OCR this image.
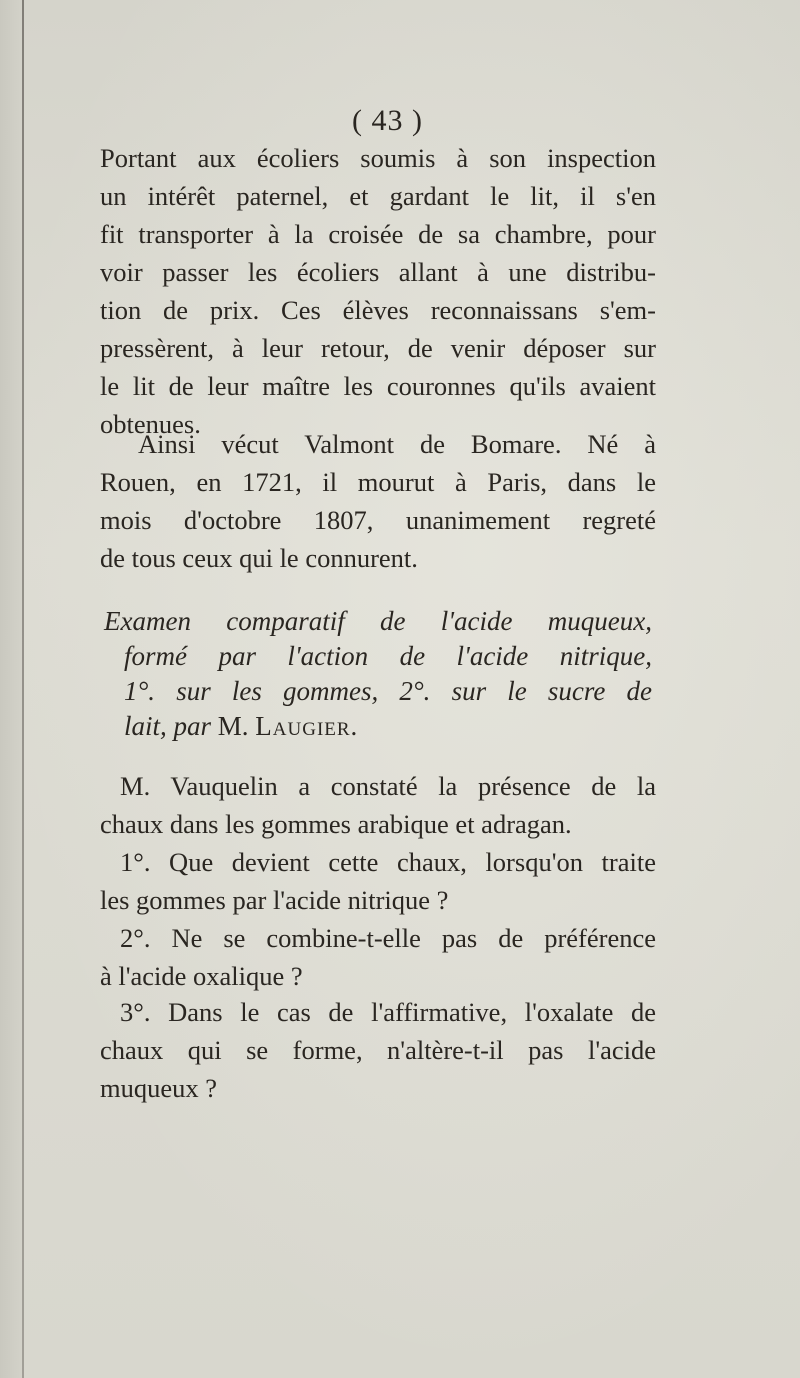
( 43 )
Portant aux écoliers soumis à son inspection
un intérêt paternel, et gardant le lit, il s'en
fit transporter à la croisée de sa chambre, pour
voir passer les écoliers allant à une distribu-
tion de prix. Ces élèves reconnaissans s'em-
pressèrent, à leur retour, de venir déposer sur
le lit de leur maître les couronnes qu'ils avaient
obtenues.
Ainsi vécut Valmont de Bomare. Né à
Rouen, en 1721, il mourut à Paris, dans le
mois d'octobre 1807, unanimement regreté
de tous ceux qui le connurent.
Examen comparatif de l'acide muqueux,
formé par l'action de l'acide nitrique,
1°. sur les gommes, 2°. sur le sucre de
lait, par M. Laugier.
M. Vauquelin a constaté la présence de la
chaux dans les gommes arabique et adragan.
1°. Que devient cette chaux, lorsqu'on traite
les gommes par l'acide nitrique ?
2°. Ne se combine-t-elle pas de préférence
à l'acide oxalique ?
3°. Dans le cas de l'affirmative, l'oxalate de
chaux qui se forme, n'altère-t-il pas l'acide
muqueux ?
